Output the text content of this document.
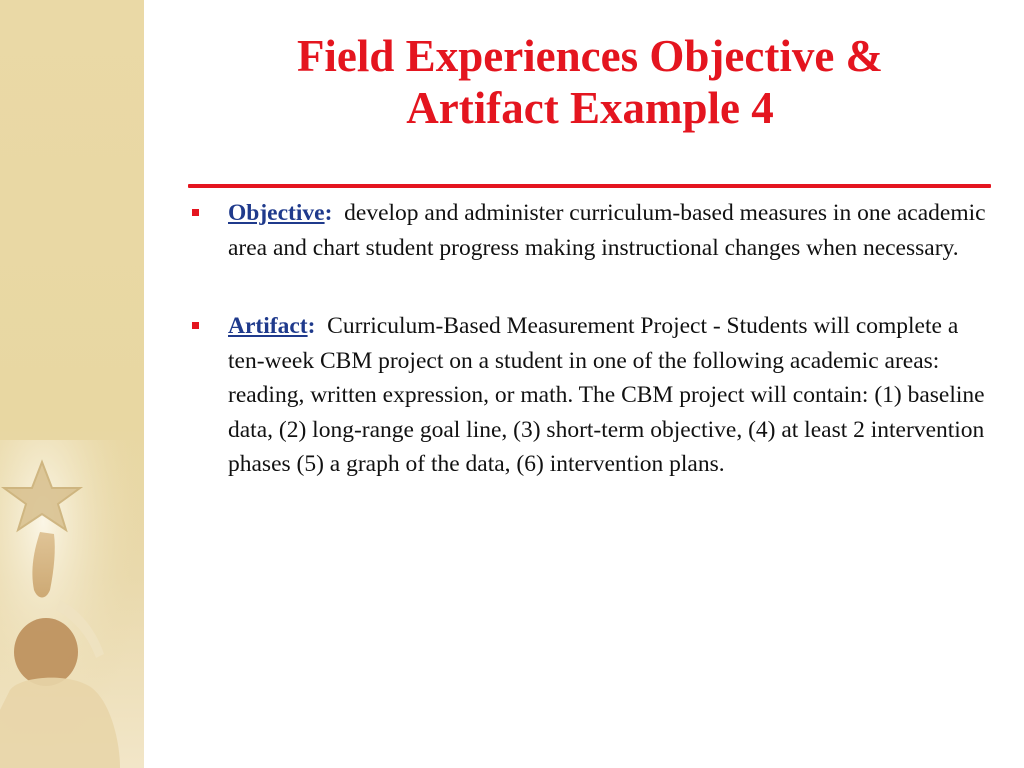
Field Experiences Objective &
Artifact Example 4
Objective:  develop and administer curriculum-based measures in one academic area and chart student progress making instructional changes when necessary.
Artifact:  Curriculum-Based Measurement Project - Students will complete a ten-week CBM project on a student in one of the following academic areas: reading, written expression, or math. The CBM project will contain: (1) baseline data, (2) long-range goal line, (3) short-term objective, (4) at least 2 intervention phases (5) a graph of the data, (6) intervention plans.
